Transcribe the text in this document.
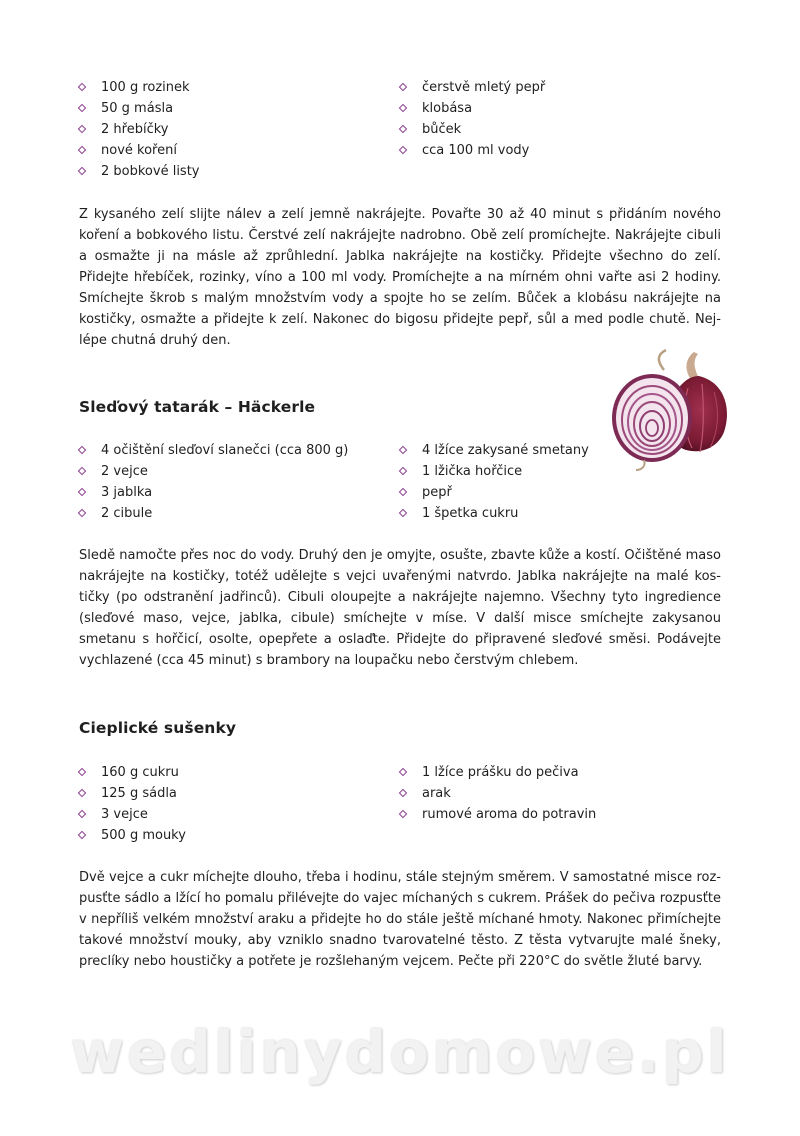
100 g rozinek
50 g másla
2 hřebíčky
nové koření
2 bobkové listy
čerstvě mletý pepř
klobása
bůček
cca 100 ml vody

Z kysaného zelí slijte nálev a zelí jemně nakrájejte. Povařte 30 až 40 minut s přidáním nového koření a bobkového listu. Čerstvé zelí nakrájejte nadrobno. Obě zelí promíchejte. Nakrájejte cibuli a osmažte ji na másle až zprůhlední. Jablka nakrájejte na kostičky. Přidejte všechno do zelí. Přidejte hřebíček, rozinky, víno a 100 ml vody. Promíchejte a na mírném ohni vařte asi 2 hodiny. Smíchejte škrob s malým množstvím vody a spojte ho se zelím. Bůček a klobásu nakrájejte na kostičky, osmažte a přidejte k zelí. Nakonec do bigosu přidejte pepř, sůl a med podle chutě. Nejlépe chutná druhý den.

Sleďový tatarák – Häckerle
4 očištění sleďoví slanečci (cca 800 g)
2 vejce
3 jablka
2 cibule
4 lžíce zakysané smetany
1 lžička hořčice
pepř
1 špetka cukru

Sledě namočte přes noc do vody. Druhý den je omyjte, osušte, zbavte kůže a kostí. Očištěné maso nakrájejte na kostičky, totéž udělejte s vejci uvařenými natvrdo. Jablka nakrájejte na malé kostičky (po odstranění jadřinců). Cibuli oloupejte a nakrájejte najemno. Všechny tyto ingredience (sleďové maso, vejce, jablka, cibule) smíchejte v míse. V další misce smíchejte zakysanou smetanu s hořčicí, osolte, opepřete a oslaďte. Přidejte do připravené sleďové směsi. Podávejte vychlazené (cca 45 minut) s brambory na loupačku nebo čerstvým chlebem.

Cieplické sušenky
160 g cukru
125 g sádla
3 vejce
500 g mouky
1 lžíce prášku do pečiva
arak
rumové aroma do potravin

Dvě vejce a cukr míchejte dlouho, třeba i hodinu, stále stejným směrem. V samostatné misce rozpusťte sádlo a lžící ho pomalu přilévejte do vajec míchaných s cukrem. Prášek do pečiva rozpusťte v nepříliš velkém množství araku a přidejte ho do stále ještě míchané hmoty. Nakonec přimíchejte takové množství mouky, aby vzniklo snadno tvarovatelné těsto. Z těsta vytvarujte malé šneky, preclíky nebo houstičky a potřete je rozšlehaným vejcem. Pečte při 220°C do světle žluté barvy.

wedlinydomowe.pl
